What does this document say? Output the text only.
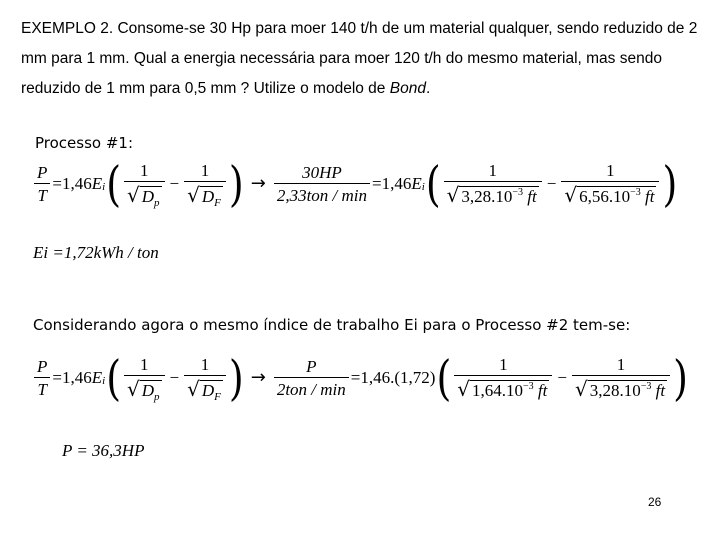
EXEMPLO 2. Consome-se 30 Hp para moer 140 t/h de um material qualquer, sendo reduzido de 2 mm para 1 mm. Qual a energia necessária para moer 120 t/h do mesmo material, mas sendo reduzido de 1 mm para 0,5 mm ? Utilize o modelo de Bond.

Processo #1:
$\frac{P}{T} =1,46$ E i ( $\frac{1}{√ D_p} - \frac{1}{√ D_F}$ ) → $\frac{30HP}{\text{2,33ton / min}} =1,46$ E i ( $\frac{1}{√ 3,28.10^{-3} ft} - \frac{1}{√ 6,56.10^{-3} ft}$ )
Ei =1,72kWh / ton
Considerando agora o mesmo índice de trabalho Ei para o Processo #2 tem-se:
$\frac{P}{T} =1,46$ E i ( $\frac{1}{√ D_p} - \frac{1}{√ D_F}$ ) → $\frac{P}{\text{2ton / min}} =1,46.(1,72)$ ( $\frac{1}{√ 1,64.10^{-3} ft} - \frac{1}{√ 3,28.10^{-3} ft}$ )
P = 36,3HP
26
